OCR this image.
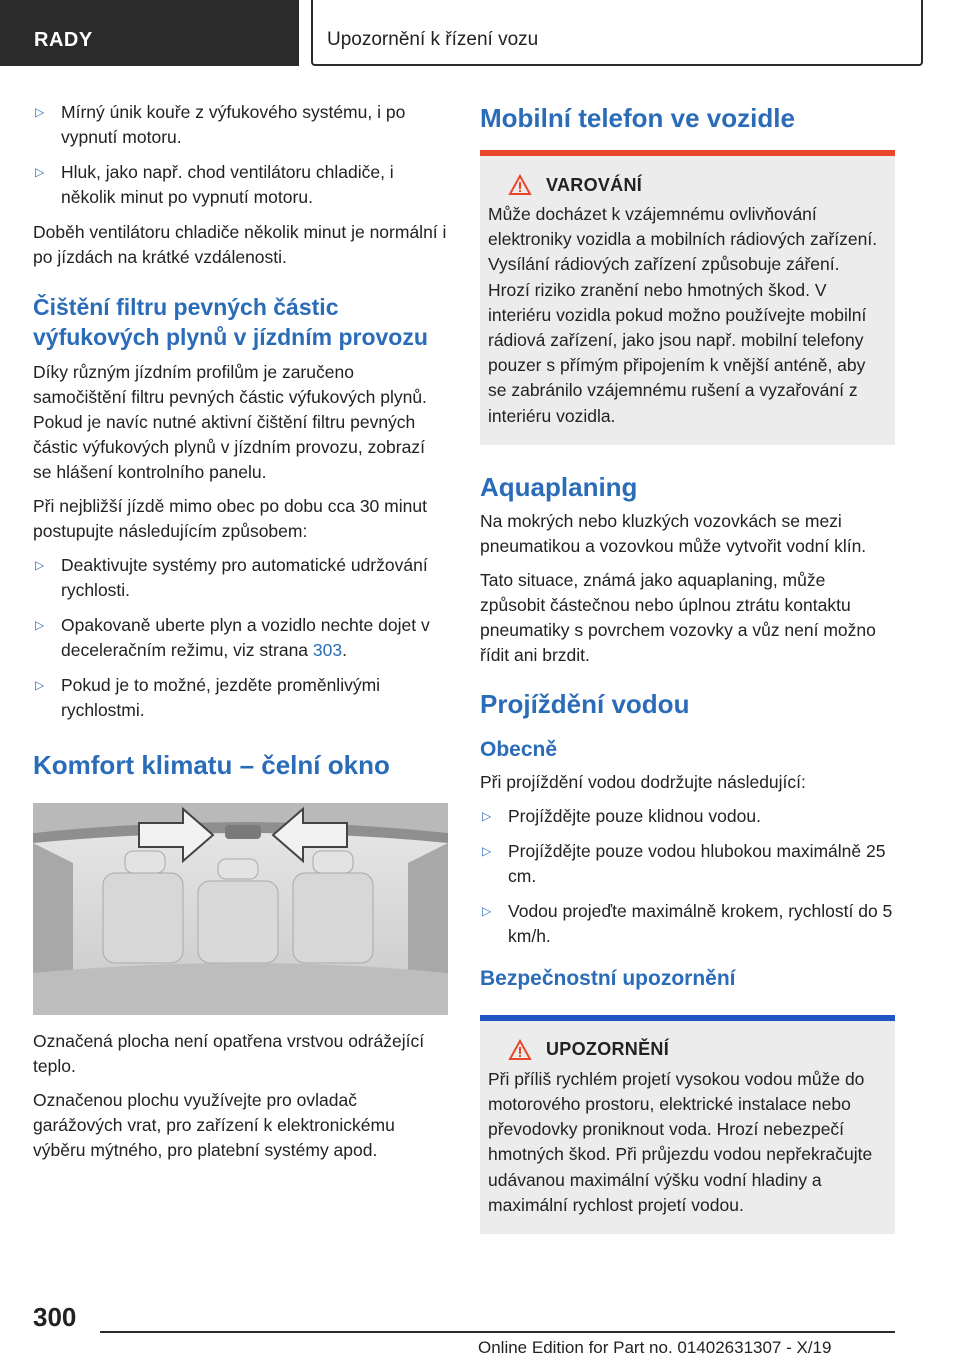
RADY	Upozornění k řízení vozu
▷ Mírný únik kouře z výfukového systému, i po vypnutí motoru.
▷ Hluk, jako např. chod ventilátoru chladiče, i několik minut po vypnutí motoru.

Doběh ventilátoru chladiče několik minut je normální i po jízdách na krátké vzdálenosti.

Čištění filtru pevných částic výfukových plynů v jízdním provozu

Díky různým jízdním profilům je zaručeno samočištění filtru pevných částic výfukových plynů. Pokud je navíc nutné aktivní čištění filtru pevných částic výfukových plynů v jízdním provozu, zobrazí se hlášení kontrolního panelu.

Při nejbližší jízdě mimo obec po dobu cca 30 minut postupujte následujícím způsobem:

▷ Deaktivujte systémy pro automatické udržování rychlosti.
▷ Opakovaně uberte plyn a vozidlo nechte dojet v deceleračním režimu, viz strana 303.
▷ Pokud je to možné, jezděte proměnlivými rychlostmi.
Komfort klimatu – čelní okno

Označená plocha není opatřena vrstvou odrážející teplo.

Označenou plochu využívejte pro ovladač garážových vrat, pro zařízení k elektronickému výběru mýtného, pro platební systémy apod.

Mobilní telefon ve vozidle
VAROVÁNÍ

Může docházet k vzájemnému ovlivňování elektroniky vozidla a mobilních rádiových zařízení. Vysílání rádiových zařízení způsobuje záření. Hrozí riziko zranění nebo hmotných škod. V interiéru vozidla pokud možno používejte mobilní rádiová zařízení, jako jsou např. mobilní telefony pouzer s přímým připojením k vnější anténě, aby se zabránilo vzájemnému rušení a vyzařování z interiéru vozidla.

Aquaplaning

Na mokrých nebo kluzkých vozovkách se mezi pneumatikou a vozovkou může vytvořit vodní klín.

Tato situace, známá jako aquaplaning, může způsobit částečnou nebo úplnou ztrátu kontaktu pneumatiky s povrchem vozovky a vůz není možno řídit ani brzdit.

Projíždění vodou
Obecně

Při projíždění vodou dodržujte následující:

▷ Projíždějte pouze klidnou vodou.
▷ Projíždějte pouze vodou hlubokou maximálně 25 cm.
▷ Vodou projeďte maximálně krokem, rychlostí do 5 km/h.
Bezpečnostní upozornění
UPOZORNĚNÍ

Při příliš rychlém projetí vysokou vodou může do motorového prostoru, elektrické instalace nebo převodovky proniknout voda. Hrozí nebezpečí hmotných škod. Při průjezdu vodou nepřekračujte udávanou maximální výšku vodní hladiny a maximální rychlost projetí vodou.

300
Online Edition for Part no. 01402631307 - X/19
